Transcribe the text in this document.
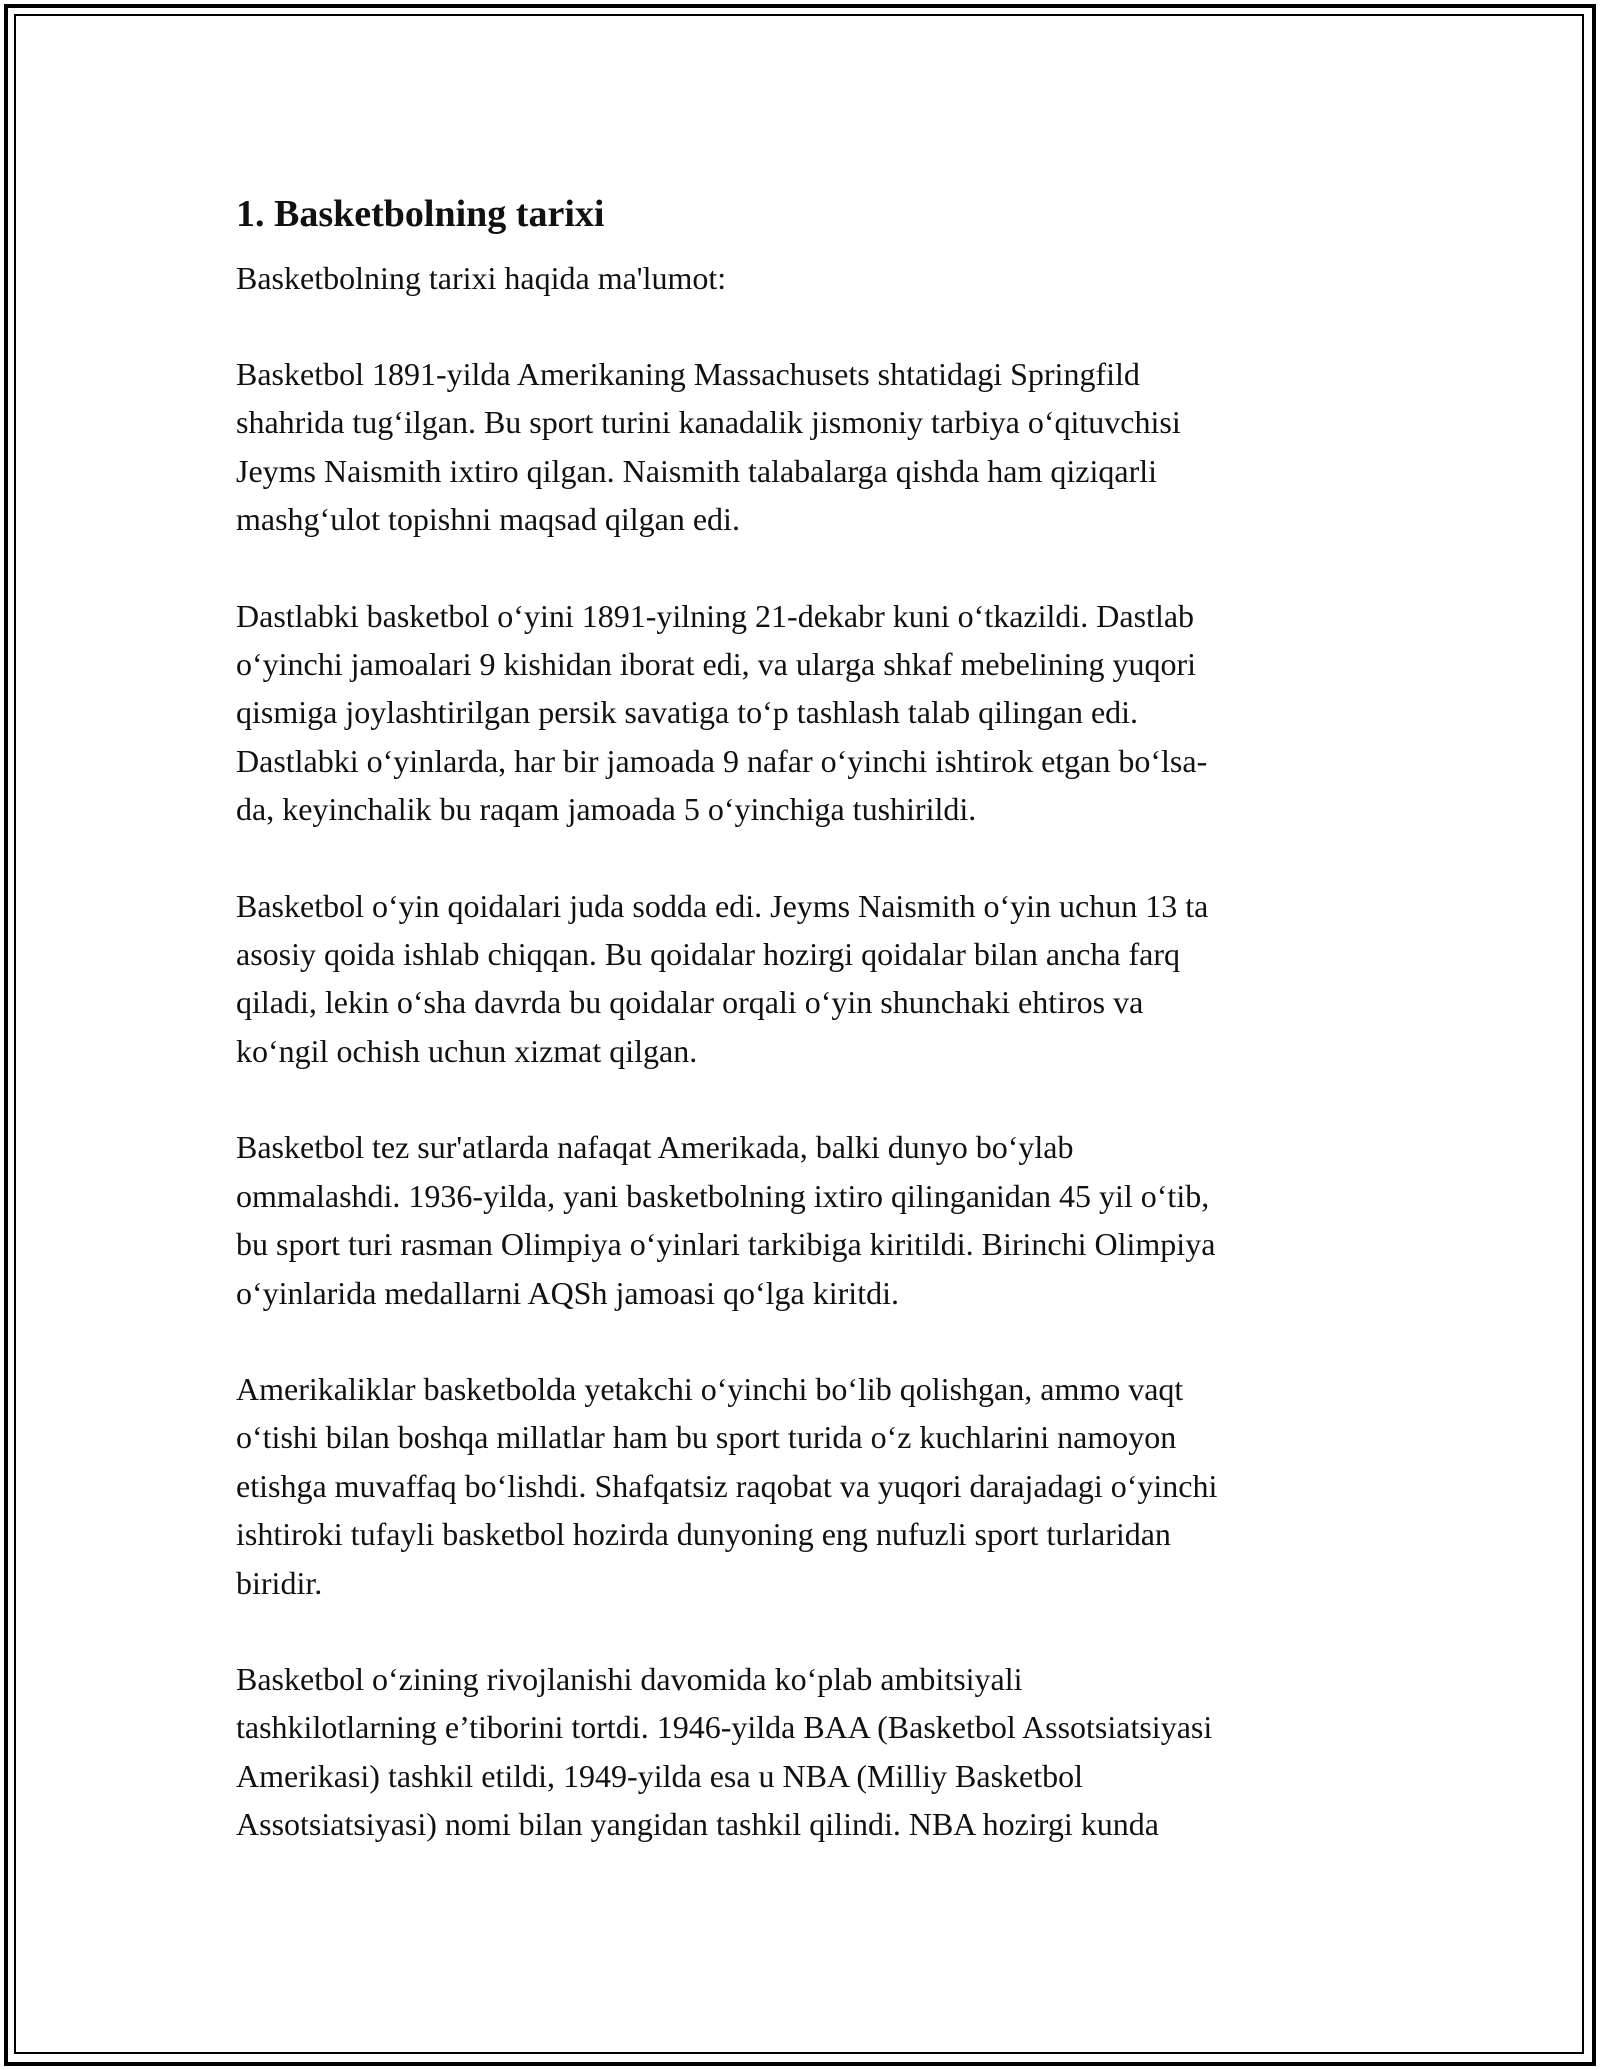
1. Basketbolning tarixi

Basketbolning tarixi haqida ma'lumot:

Basketbol 1891-yilda Amerikaning Massachusets shtatidagi Springfild
shahrida tug‘ilgan. Bu sport turini kanadalik jismoniy tarbiya o‘qituvchisi
Jeyms Naismith ixtiro qilgan. Naismith talabalarga qishda ham qiziqarli
mashg‘ulot topishni maqsad qilgan edi.

Dastlabki basketbol o‘yini 1891-yilning 21-dekabr kuni o‘tkazildi. Dastlab
o‘yinchi jamoalari 9 kishidan iborat edi, va ularga shkaf mebelining yuqori
qismiga joylashtirilgan persik savatiga to‘p tashlash talab qilingan edi.
Dastlabki o‘yinlarda, har bir jamoada 9 nafar o‘yinchi ishtirok etgan bo‘lsa-
da, keyinchalik bu raqam jamoada 5 o‘yinchiga tushirildi.

Basketbol o‘yin qoidalari juda sodda edi. Jeyms Naismith o‘yin uchun 13 ta
asosiy qoida ishlab chiqqan. Bu qoidalar hozirgi qoidalar bilan ancha farq
qiladi, lekin o‘sha davrda bu qoidalar orqali o‘yin shunchaki ehtiros va
ko‘ngil ochish uchun xizmat qilgan.

Basketbol tez sur'atlarda nafaqat Amerikada, balki dunyo bo‘ylab
ommalashdi. 1936-yilda, yani basketbolning ixtiro qilinganidan 45 yil o‘tib,
bu sport turi rasman Olimpiya o‘yinlari tarkibiga kiritildi. Birinchi Olimpiya
o‘yinlarida medallarni AQSh jamoasi qo‘lga kiritdi.

Amerikaliklar basketbolda yetakchi o‘yinchi bo‘lib qolishgan, ammo vaqt
o‘tishi bilan boshqa millatlar ham bu sport turida o‘z kuchlarini namoyon
etishga muvaffaq bo‘lishdi. Shafqatsiz raqobat va yuqori darajadagi o‘yinchi
ishtiroki tufayli basketbol hozirda dunyoning eng nufuzli sport turlaridan
biridir.

Basketbol o‘zining rivojlanishi davomida ko‘plab ambitsiyali
tashkilotlarning e’tiborini tortdi. 1946-yilda BAA (Basketbol Assotsiatsiyasi
Amerikasi) tashkil etildi, 1949-yilda esa u NBA (Milliy Basketbol
Assotsiatsiyasi) nomi bilan yangidan tashkil qilindi. NBA hozirgi kunda
